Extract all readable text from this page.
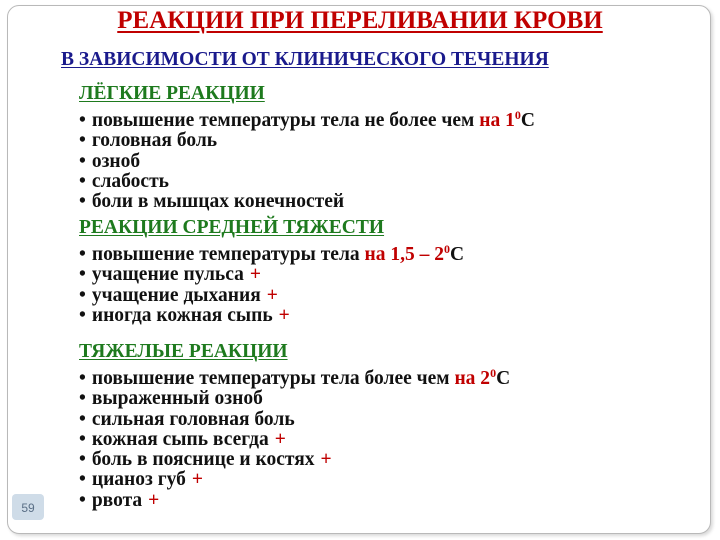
РЕАКЦИИ ПРИ ПЕРЕЛИВАНИИ КРОВИ
В ЗАВИСИМОСТИ ОТ КЛИНИЧЕСКОГО ТЕЧЕНИЯ
ЛЁГКИЕ РЕАКЦИИ
• повышение температуры тела не более чем на $1^0С$
• головная боль
• озноб
• слабость
• боли в мышцах конечностей
РЕАКЦИИ СРЕДНЕЙ ТЯЖЕСТИ
• повышение температуры тела на $1,5 - 2^0С$
• учащение пульса +
• учащение дыхания +
• иногда кожная сыпь +
ТЯЖЕЛЫЕ РЕАКЦИИ
• повышение температуры тела более чем на $2^0С$
• выраженный озноб
• сильная головная боль
• кожная сыпь всегда +
• боль в пояснице и костях +
• цианоз губ +
• рвота +
59
